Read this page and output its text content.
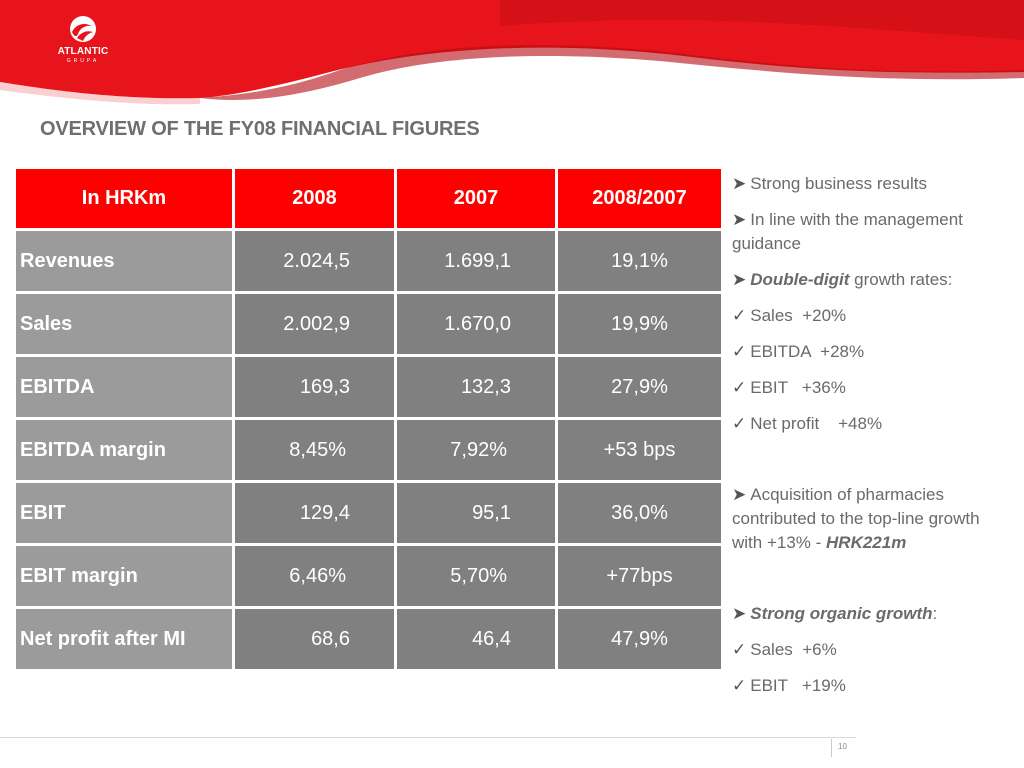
ATLANTIC
GRUPA
OVERVIEW OF THE FY08 FINANCIAL FIGURES
In HRKm	2008	2007	2008/2007
Revenues	2.024,5	1.699,1	19,1%
Sales	2.002,9	1.670,0	19,9%
EBITDA	169,3	132,3	27,9%
EBITDA margin	8,45%	7,92%	+53 bps
EBIT	129,4	95,1	36,0%
EBIT margin	6,46%	5,70%	+77bps
Net profit after MI	68,6	46,4	47,9%
➤ Strong business results
➤ In line with the management guidance
➤ Double-digit growth rates:
✓ Sales  +20%
✓ EBITDA  +28%
✓ EBIT   +36%
✓ Net profit    +48%
➤ Acquisition of pharmacies contributed to the top-line growth with +13% - HRK221m
➤ Strong organic growth:
✓ Sales  +6%
✓ EBIT   +19%
10
